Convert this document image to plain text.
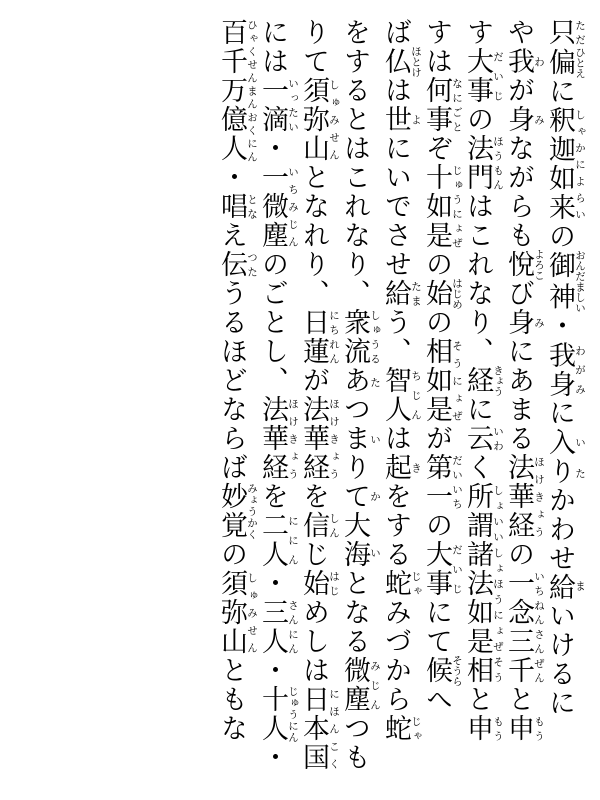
只 ただ偏 ひとえに釈迦如来 しゃかによらいの御神 おんだましい・我身 わがみに入 いりかわせ給 たまいけるに
や我 わが身 みながらも悅 よろこび身 みにあまる法華経 ほけきょうの一念三千 いちねんさんぜんと申 もう
す大事 だいじの法門 ほうもんはこれなり、経 きょうに云 いわく所謂諸法如是相 しょいいしょほうにょぜそうと申 もう
すは何事 なにごとぞ十如是 じゅうにょぜの始 はじめの相如是 そうにょぜが第一 だいいちの大事 だいじにて候 そうらへ
ば仏 ほとけは世 よにいでさせ給 たまう、智人 ちじんは起 きをする蛇 じゃみづから蛇 じゃ
をするとはこれなり、衆流 しゅうるあつまりて大海 たいかいとなる微塵 みじんつも
りて須弥山 しゅみせんとなれり、日蓮 にちれんが法華経 ほけきょうを信 しんじ始 はじめしは日本国 にほんこく
には一滴 いったい・一微塵 いちみじんのごとし、法華経 ほけきょうを二人 ににん・三人 さんにん・十人 じゅうにん・
百千万億人 ひゃくせんまんおくにん・唱 となえ伝 つたうるほどならば妙覚 みょうかくの須弥山 しゅみせんともな
